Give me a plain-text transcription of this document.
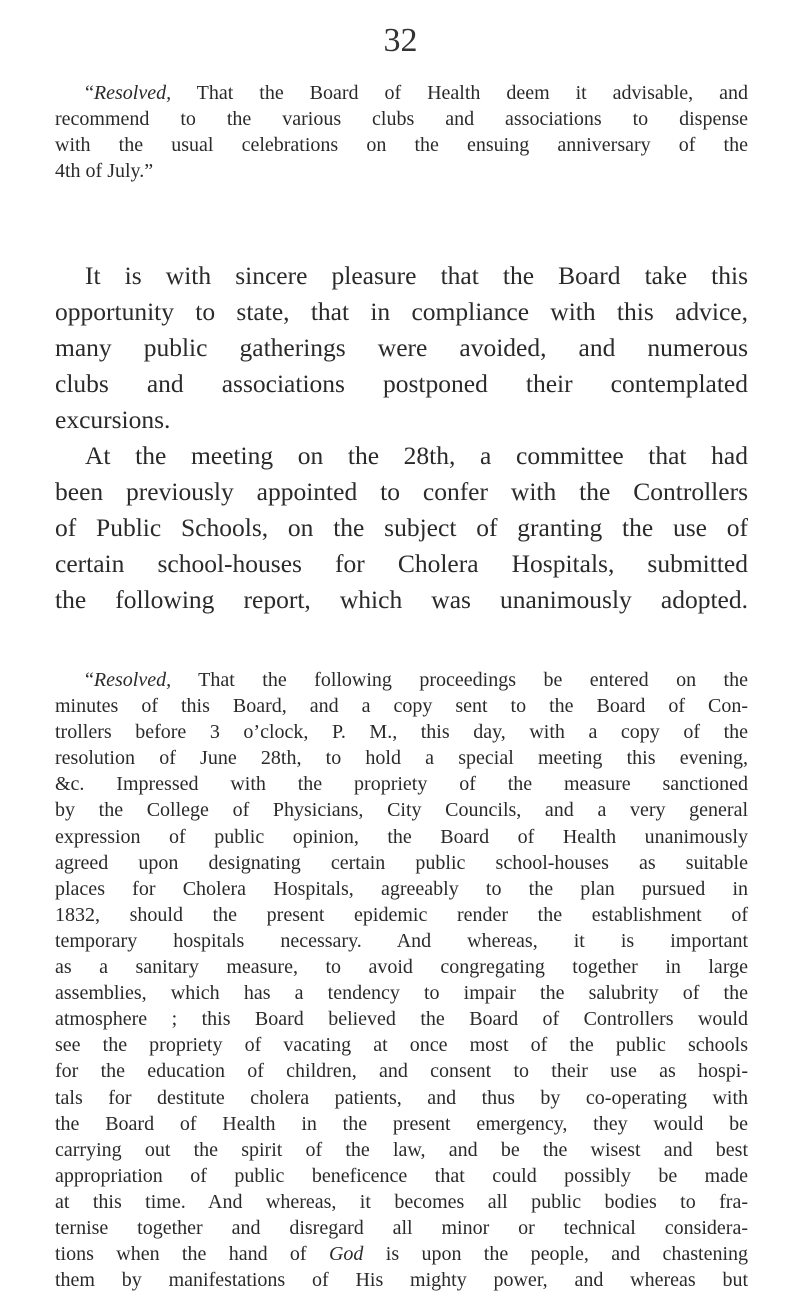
32
“Resolved, That the Board of Health deem it advisable, and
recommend to the various clubs and associations to dispense
with the usual celebrations on the ensuing anniversary of the
4th of July.”
It is with sincere pleasure that the Board take this
opportunity to state, that in compliance with this advice,
many public gatherings were avoided, and numerous
clubs and associations postponed their contemplated
excursions.
At the meeting on the 28th, a committee that had
been previously appointed to confer with the Controllers
of Public Schools, on the subject of granting the use of
certain school-houses for Cholera Hospitals, submitted
the following report, which was unanimously adopted.
“Resolved, That the following proceedings be entered on the
minutes of this Board, and a copy sent to the Board of Con-
trollers before 3 o’clock, P. M., this day, with a copy of the
resolution of June 28th, to hold a special meeting this evening,
&c. Impressed with the propriety of the measure sanctioned
by the College of Physicians, City Councils, and a very general
expression of public opinion, the Board of Health unanimously
agreed upon designating certain public school-houses as suitable
places for Cholera Hospitals, agreeably to the plan pursued in
1832, should the present epidemic render the establishment of
temporary hospitals necessary. And whereas, it is important
as a sanitary measure, to avoid congregating together in large
assemblies, which has a tendency to impair the salubrity of the
atmosphere ; this Board believed the Board of Controllers would
see the propriety of vacating at once most of the public schools
for the education of children, and consent to their use as hospi-
tals for destitute cholera patients, and thus by co-operating with
the Board of Health in the present emergency, they would be
carrying out the spirit of the law, and be the wisest and best
appropriation of public beneficence that could possibly be made
at this time. And whereas, it becomes all public bodies to fra-
ternise together and disregard all minor or technical considera-
tions when the hand of God is upon the people, and chastening
them by manifestations of His mighty power, and whereas but
